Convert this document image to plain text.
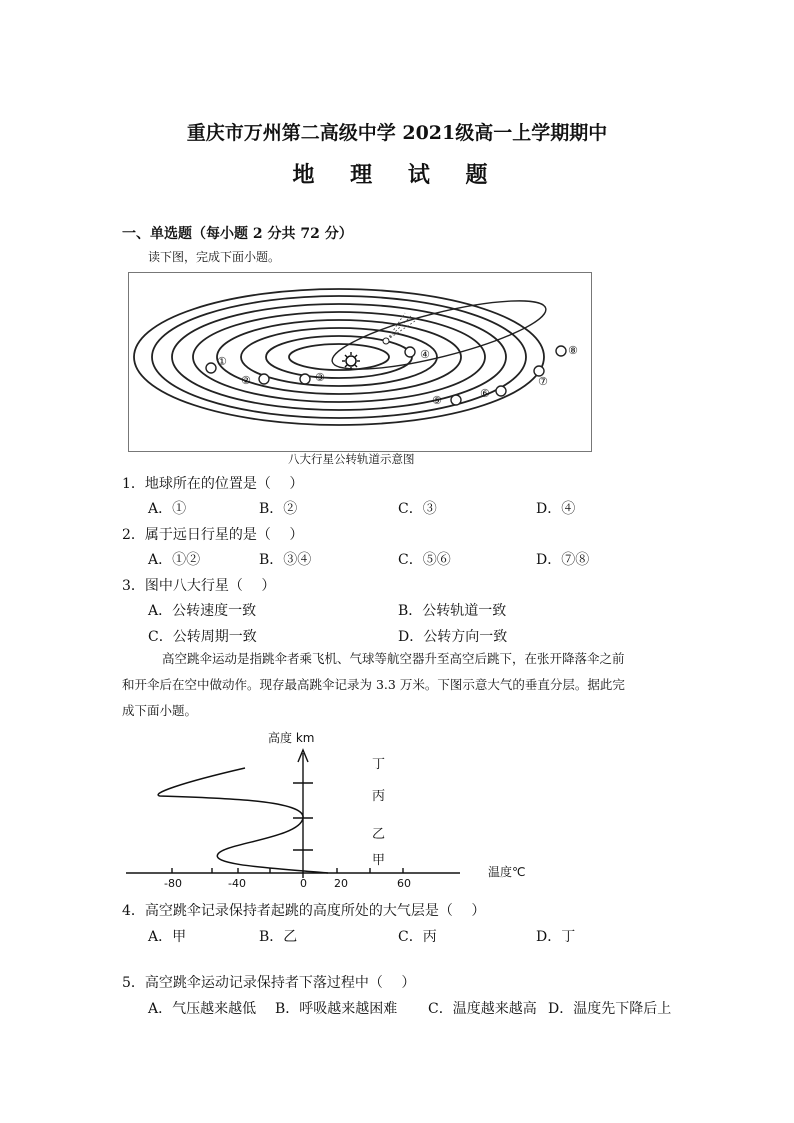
重庆市万州第二高级中学 2021级高一上学期期中
地 理 试 题
一、单选题（每小题 2 分共 72 分）
读下图，完成下面小题。
①
②	③
④
⑤
⑥
⑦
⑧
八大行星公转轨道示意图
1．地球所在的位置是（　 ）
A．①	B．②	C．③	D．④
2．属于远日行星的是（　 ）
A．①②	B．③④	C．⑤⑥	D．⑦⑧
3．图中八大行星（　 ）
A．公转速度一致	B．公转轨道一致
C．公转周期一致	D．公转方向一致
高空跳伞运动是指跳伞者乘飞机、气球等航空器升至高空后跳下，在张开降落伞之前
和开伞后在空中做动作。现存最高跳伞记录为 3.3 万米。下图示意大气的垂直分层。据此完
成下面小题。
高度 km
-80	-40	0 20	60
丁
丙
乙
甲
温度℃
4．高空跳伞记录保持者起跳的高度所处的大气层是（　 ）
A．甲	B．乙	C．丙	D．丁
5．高空跳伞运动记录保持者下落过程中（　 ）
A．气压越来越低 B．呼吸越来越困难 C．温度越来越高 D．温度先下降后上
